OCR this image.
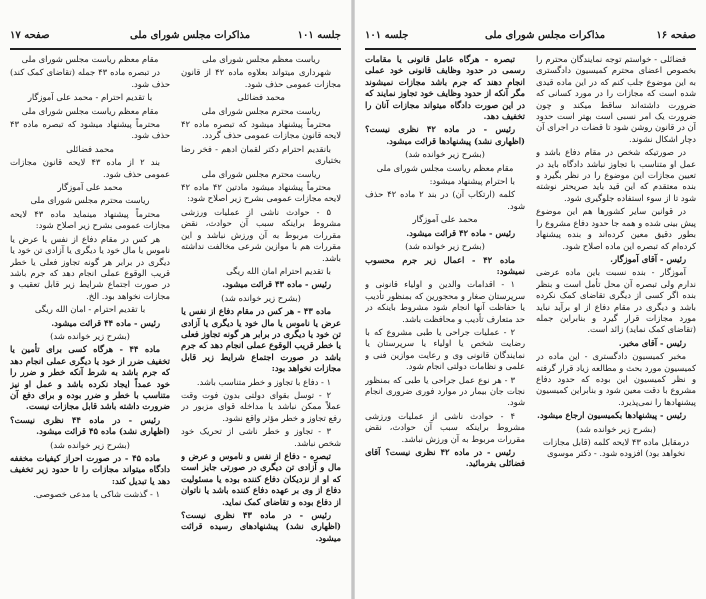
صفحه ۱۷	مذاکرات مجلس شورای ملی	جلسه ۱۰۱
ریاست معظم مجلس شورای ملی
شهرداری میتواند بعلاوه ماده ۴۲ از قانون مجازات عمومی حذف شود.
محمد فضائلی
ریاست محترم مجلس شورای ملی
محترماً پیشنهاد میشود که تبصره ماده ۴۲ لایحه قانون مجازات عمومی حذف گردد.
بانقدیم احترام دکتر لقمان ادهم - فخر رضا بختیاری
ریاست محترم مجلس شورای ملی
محترماً پیشنهاد میشود مادتین ۴۲ ماده ۴۲ لایحه مجازات عمومی بشرح زیر اصلاح شود:
۵ - حوادث ناشی از عملیات ورزشی مشروط براینکه سبب آن حوادث، نقض مقررات مربوط به آن ورزش نباشد و این مقررات هم با موازین شرعی مخالفت نداشته باشد.
با تقدیم احترام امان الله ریگی
رئیس - ماده ۴۳ قرائت میشود.
(بشرح زیر خوانده شد)
ماده ۴۳ - هر کس در مقام دفاع از نفس یا عرض یا ناموس یا مال خود یا دیگری یا آزادی تن خود یا دیگری در برابر هر گونه تجاوز فعلی یا خطر قریب الوقوع عملی انجام دهد که جرم باشد در صورت اجتماع شرایط زیر قابل مجازات نخواهد بود:
۱ - دفاع با تجاوز و خطر متناسب باشد.
۲ - توسل بقوای دولتی بدون فوت وقت عملاً ممکن نباشد یا مداخله قوای مزبور در رفع تجاوز و خطر مؤثر واقع نشود.
۳ - تجاوز و خطر ناشی از تحریک خود شخص نباشد.
تبصره - دفاع از نفس و ناموس و عرض و مال و آزادی تن دیگری در صورتی جایز است که او از نزدیکان دفاع کننده بوده یا مسئولیت دفاع از وی بر عهده دفاع کننده باشد یا ناتوان از دفاع بوده و تقاضای کمک نماید.
رئیس - در ماده ۴۳ نظری نیست؟ (اظهاری نشد) پیشنهادهای رسیده قرائت میشود.
مقام معظم ریاست مجلس شورای ملی
در تبصره ماده ۴۳ جمله (تقاضای کمک کند) حذف شود.
با تقدیم احترام - محمد علی آموزگار
مقام معظم ریاست مجلس شورای ملی
محترماً پیشنهاد میشود که تبصره ماده ۴۳ حذف شود.
محمد فضائلی
بند ۲ از ماده ۴۳ لایحه قانون مجازات عمومی حذف شود.
محمد علی آموزگار
ریاست محترم مجلس شورای ملی
محترماً پیشنهاد مینماید ماده ۴۳ لایحه مجازات عمومی بشرح زیر اصلاح شود:
هر کس در مقام دفاع از نفس یا عرض یا ناموس یا مال خود یا دیگری یا آزادی تن خود یا دیگری در برابر هر گونه تجاوز فعلی یا خطر قریب الوقوع عملی انجام دهد که جرم باشد در صورت اجتماع شرایط زیر قابل تعقیب و مجازات نخواهد بود. الخ.
با تقدیم احترام - امان الله ریگی
رئیس - ماده ۴۴ قرائت میشود.
(بشرح زیر خوانده شد)
ماده ۴۴ - هرگاه کسی برای تأمین یا تخفیف ضرر از خود یا دیگری عملی انجام دهد که جرم باشد به شرط آنکه خطر و ضرر را خود عمداً ایجاد نکرده باشد و عمل او نیز متناسب با خطر و ضرر بوده و برای دفع آن ضرورت داشته باشد قابل مجازات نیست.
رئیس - در ماده ۴۴ نظری نیست؟ (اظهاری نشد) ماده ۴۵ قرائت میشود.
(بشرح زیر خوانده شد)
ماده ۴۵ - در صورت احراز کیفیات مخففه دادگاه میتواند مجازات را تا حدود زیر تخفیف دهد یا تبدیل کند:
۱ - گذشت شاکی یا مدعی خصوصی.
جلسه ۱۰۱	مذاکرات مجلس شورای ملی	صفحه ۱۶
فضائلی - خواستم توجه نمایندگان محترم را بخصوص اعضای محترم کمیسیون دادگستری به این موضوع جلب کنم که در این ماده قیدی شده است که مجازات را در مورد کسانی که ضرورت داشته‌اند ساقط میکند و چون ضرورت یک امر نسبی است بهتر است حدود آن در قانون روشن شود تا قضات در اجرای آن دچار اشکال نشوند.
در صورتیکه شخص در مقام دفاع باشد و عمل او متناسب با تجاوز نباشد دادگاه باید در تعیین مجازات این موضوع را در نظر بگیرد و بنده معتقدم که این قید باید صریحتر نوشته شود تا از سوء استفاده جلوگیری شود.
در قوانین سایر کشورها هم این موضوع پیش بینی شده و همه جا حدود دفاع مشروع را بطور دقیق معین کرده‌اند و بنده پیشنهاد کرده‌ام که تبصره این ماده اصلاح شود.
رئیس - آقای آموزگار.
آموزگار - بنده نسبت باین ماده عرضی ندارم ولی تبصره آن محل تأمل است و بنظر بنده اگر کسی از دیگری تقاضای کمک نکرده باشد و دیگری در مقام دفاع از او برآید نباید مورد مجازات قرار گیرد و بنابراین جمله (تقاضای کمک نماید) زائد است.
رئیس - آقای مخبر.
مخبر کمیسیون دادگستری - این ماده در کمیسیون مورد بحث و مطالعه زیاد قرار گرفته و نظر کمیسیون این بوده که حدود دفاع مشروع با دقت معین شود و بنابراین کمیسیون پیشنهادها را نمی‌پذیرد.
رئیس - پیشنهادها بکمیسیون ارجاع میشود.
(بشرح زیر خوانده شد)
درمقابل ماده ۴۳ لایحه کلمه (قابل مجازات نخواهد بود) افزوده شود. - دکتر موسوی
تبصره - هرگاه عامل قانونی یا مقامات رسمی در حدود وظایف قانونی خود عملی انجام دهند که جرم باشد مجازات نمیشوند مگر آنکه از حدود وظایف خود تجاوز نمایند که در این صورت دادگاه میتواند مجازات آنان را تخفیف دهد.
رئیس - در ماده ۴۲ نظری نیست؟ (اظهاری نشد) پیشنهادها قرائت میشود.
(بشرح زیر خوانده شد)
مقام معظم ریاست مجلس شورای ملی
با احترام پیشنهاد میشود:
کلمه (ارتکاب آن) در بند ۲ ماده ۴۲ حذف شود.
محمد علی آموزگار
رئیس - ماده ۴۲ قرائت میشود.
(بشرح زیر خوانده شد)
ماده ۴۲ - اعمال زیر جرم محسوب نمیشود:
۱ - اقدامات والدین و اولیاء قانونی و سرپرستان صغار و محجورین که بمنظور تأدیب یا حفاظت آنها انجام شود مشروط باینکه در حد متعارف تأدیب و محافظت باشد.
۲ - عملیات جراحی یا طبی مشروع که با رضایت شخص یا اولیاء یا سرپرستان یا نمایندگان قانونی وی و رعایت موازین فنی و علمی و نظامات دولتی انجام شود.
۳ - هر نوع عمل جراحی یا طبی که بمنظور نجات جان بیمار در موارد فوری ضروری انجام شود.
۴ - حوادث ناشی از عملیات ورزشی مشروط براینکه سبب آن حوادث، نقض مقررات مربوط به آن ورزش نباشد.
رئیس - در ماده ۴۲ نظری نیست؟ آقای فضائلی بفرمائید.
